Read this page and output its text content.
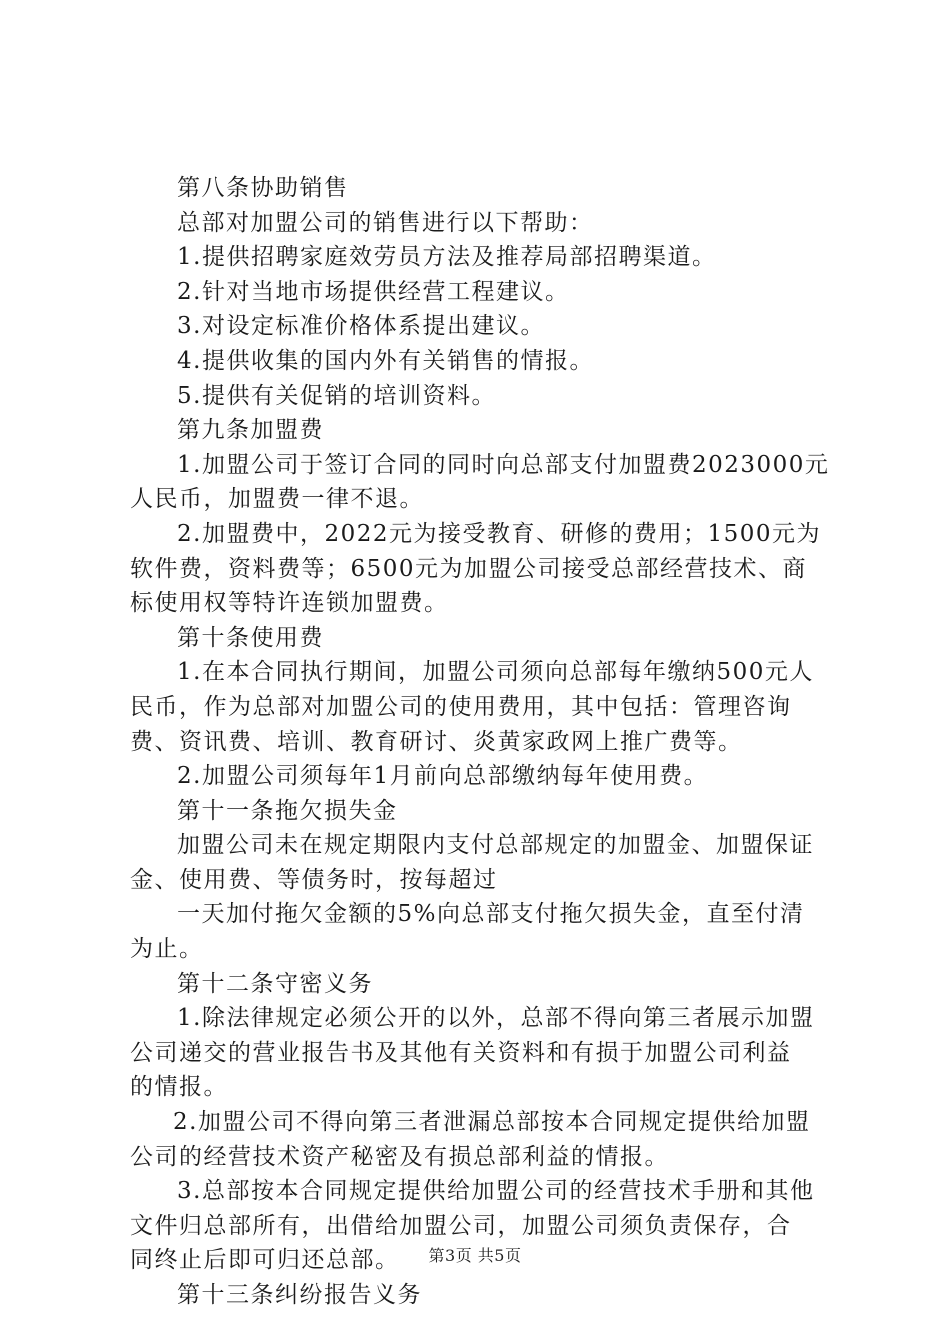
第八条协助销售
总部对加盟公司的销售进行以下帮助：
1.提供招聘家庭效劳员方法及推荐局部招聘渠道。
2.针对当地市场提供经营工程建议。
3.对设定标准价格体系提出建议。
4.提供收集的国内外有关销售的情报。
5.提供有关促销的培训资料。
第九条加盟费
1.加盟公司于签订合同的同时向总部支付加盟费2023000元
人民币，加盟费一律不退。
2.加盟费中，2022元为接受教育、研修的费用；1500元为
软件费，资料费等；6500元为加盟公司接受总部经营技术、商
标使用权等特许连锁加盟费。
第十条使用费
1.在本合同执行期间，加盟公司须向总部每年缴纳500元人
民币，作为总部对加盟公司的使用费用，其中包括：管理咨询
费、资讯费、培训、教育研讨、炎黄家政网上推广费等。
2.加盟公司须每年1月前向总部缴纳每年使用费。
第十一条拖欠损失金
加盟公司未在规定期限内支付总部规定的加盟金、加盟保证
金、使用费、等债务时，按每超过
一天加付拖欠金额的5%向总部支付拖欠损失金，直至付清
为止。
第十二条守密义务
1.除法律规定必须公开的以外，总部不得向第三者展示加盟
公司递交的营业报告书及其他有关资料和有损于加盟公司利益
的情报。
2.加盟公司不得向第三者泄漏总部按本合同规定提供给加盟
公司的经营技术资产秘密及有损总部利益的情报。
3.总部按本合同规定提供给加盟公司的经营技术手册和其他
文件归总部所有，出借给加盟公司，加盟公司须负责保存，合
同终止后即可归还总部。
第十三条纠纷报告义务
第3页 共5页
